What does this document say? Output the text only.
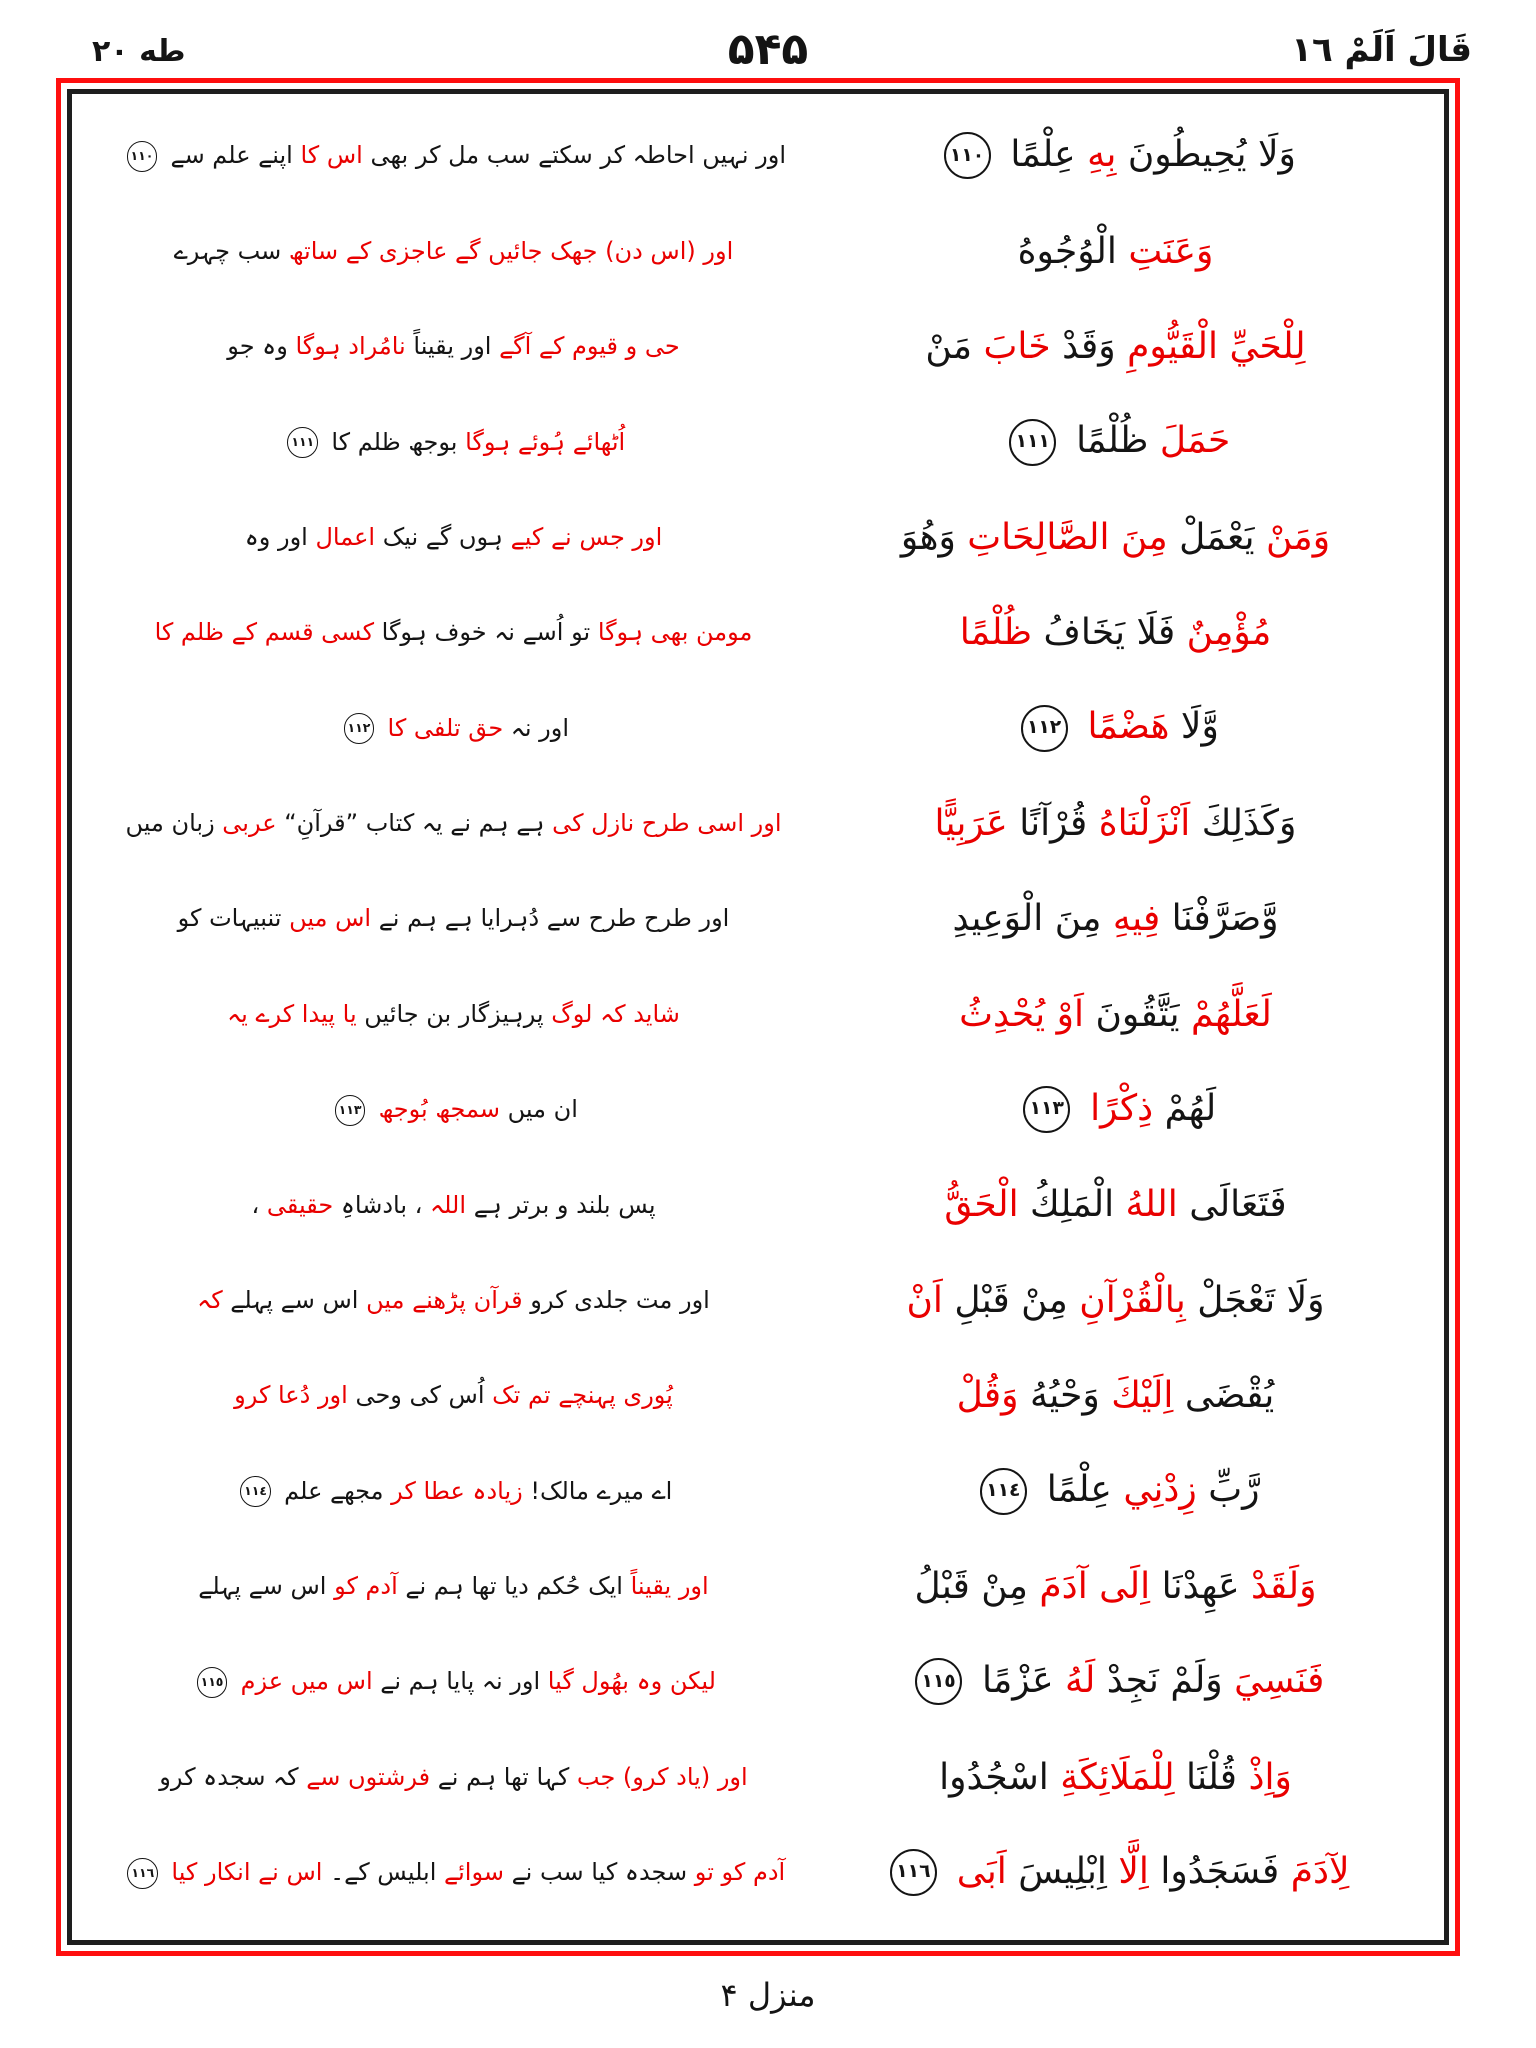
قَالَ اَلَمْ ١٦
۵۴۵
طه ۲۰
وَلَا يُحِيطُونَ بِهِ عِلْمًا ١١٠
اور نہیں احاطہ کر سکتے سب مل کر بھی اس کا اپنے علم سے ١١٠
وَعَنَتِ الْوُجُوهُ
اور (اس دن) جھک جائیں گے عاجزی کے ساتھ سب چہرے
لِلْحَيِّ الْقَيُّومِ وَقَدْ خَابَ مَنْ
حی و قیوم کے آگے اور یقیناً نامُراد ہوگا وہ جو
حَمَلَ ظُلْمًا ١١١
اُٹھائے ہُوئے ہوگا بوجھ ظلم کا ١١١
وَمَنْ يَعْمَلْ مِنَ الصَّالِحَاتِ وَهُوَ
اور جس نے کیے ہوں گے نیک اعمال اور وہ
مُؤْمِنٌ فَلَا يَخَافُ ظُلْمًا
مومن بھی ہوگا تو اُسے نہ خوف ہوگا کسی قسم کے ظلم کا
وَّلَا هَضْمًا ١١٢
اور نہ حق تلفی کا ١١٢
وَكَذَلِكَ اَنْزَلْنَاهُ قُرْآنًا عَرَبِيًّا
اور اسی طرح نازل کی ہے ہم نے یہ کتاب ”قرآنِ“ عربی زبان میں
وَّصَرَّفْنَا فِيهِ مِنَ الْوَعِيدِ
اور طرح طرح سے دُہرایا ہے ہم نے اس میں تنبیہات کو
لَعَلَّهُمْ يَتَّقُونَ اَوْ يُحْدِثُ
شاید کہ لوگ پرہیزگار بن جائیں یا پیدا کرے یہ
لَهُمْ ذِكْرًا ١١٣
ان میں سمجھ بُوجھ ١١٣
فَتَعَالَى اللهُ الْمَلِكُ الْحَقُّ
پس بلند و برتر ہے اللہ ، بادشاہِ حقیقی ،
وَلَا تَعْجَلْ بِالْقُرْآنِ مِنْ قَبْلِ اَنْ
اور مت جلدی کرو قرآن پڑھنے میں اس سے پہلے کہ
يُقْضَى اِلَيْكَ وَحْيُهُ وَقُلْ
پُوری پہنچے تم تک اُس کی وحی اور دُعا کرو
رَّبِّ زِدْنِي عِلْمًا ١١٤
اے میرے مالک! زیادہ عطا کر مجھے علم ١١٤
وَلَقَدْ عَهِدْنَا اِلَى آدَمَ مِنْ قَبْلُ
اور یقیناً ایک حُکم دیا تھا ہم نے آدم کو اس سے پہلے
فَنَسِيَ وَلَمْ نَجِدْ لَهُ عَزْمًا ١١٥
لیکن وہ بھُول گیا اور نہ پایا ہم نے اس میں عزم ١١٥
وَاِذْ قُلْنَا لِلْمَلَائِكَةِ اسْجُدُوا
اور (یاد کرو) جب کہا تھا ہم نے فرشتوں سے کہ سجدہ کرو
لِآدَمَ فَسَجَدُوا اِلَّا اِبْلِيسَ اَبَى ١١٦
آدم کو تو سجدہ کیا سب نے سوائے ابلیس کے۔ اس نے انکار کیا ١١٦
منزل ۴
